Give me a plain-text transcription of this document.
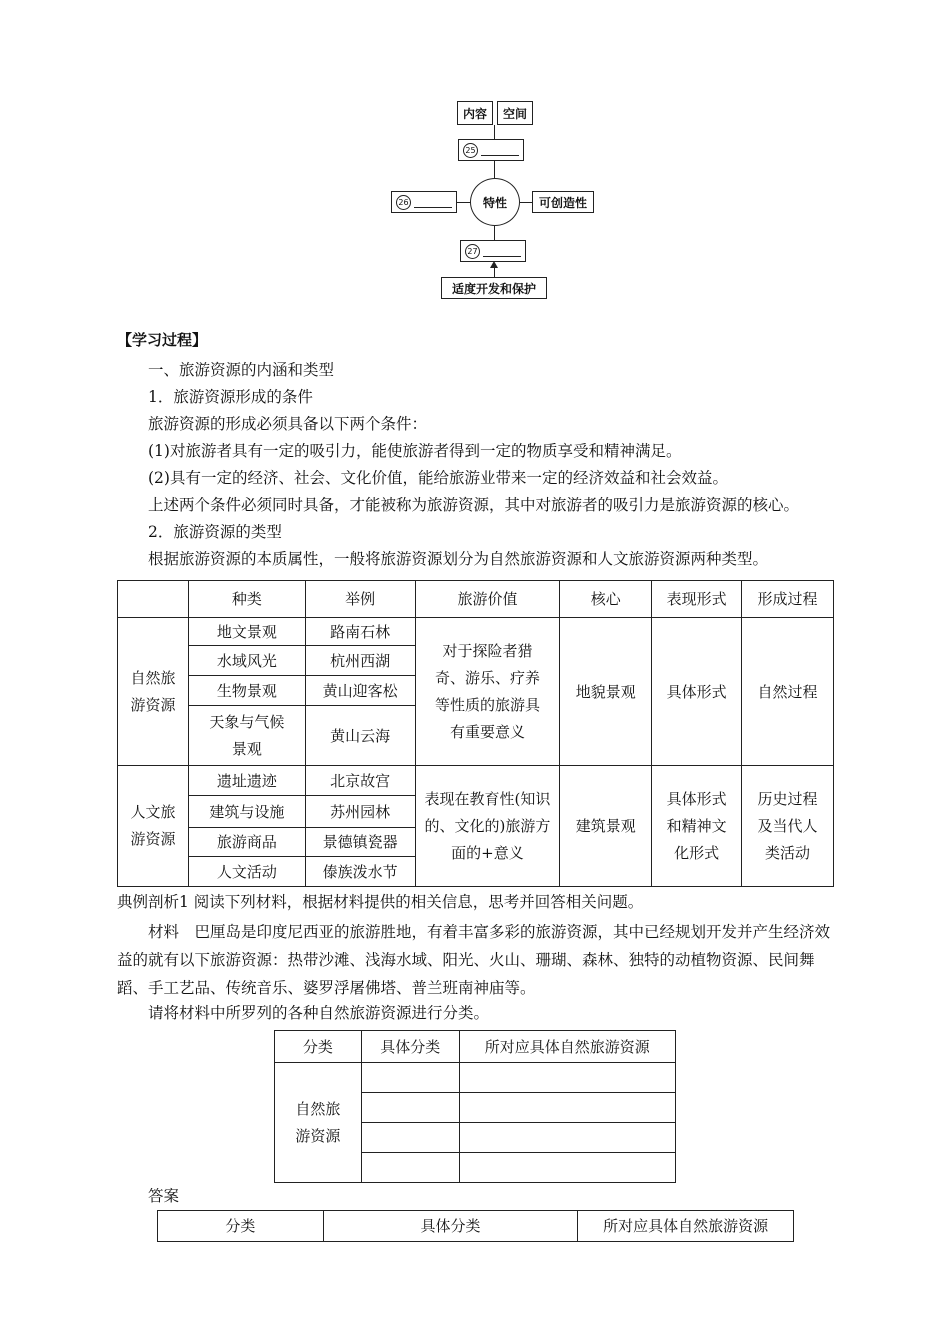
内容 空间
25
26	特性	可创造性
27
适度开发和保护
【学习过程】
一、旅游资源的内涵和类型
1．旅游资源形成的条件
旅游资源的形成必须具备以下两个条件：
(1)对旅游者具有一定的吸引力，能使旅游者得到一定的物质享受和精神满足。
(2)具有一定的经济、社会、文化价值，能给旅游业带来一定的经济效益和社会效益。
上述两个条件必须同时具备，才能被称为旅游资源，其中对旅游者的吸引力是旅游资源的核心。
2．旅游资源的类型
根据旅游资源的本质属性，一般将旅游资源划分为自然旅游资源和人文旅游资源两种类型。
	种类	举例	旅游价值	核心	表现形式	形成过程
自然旅游资源	地文景观	路南石林	对于探险者猎奇、游乐、疗养等性质的旅游具有重要意义	地貌景观	具体形式	自然过程
	水域风光	杭州西湖				
	生物景观	黄山迎客松				
	天象与气候景观	黄山云海				
人文旅游资源	遗址遗迹	北京故宫	表现在教育性(知识的、文化的)旅游方面的+意义	建筑景观	具体形式和精神文化形式	历史过程及当代人类活动
	建筑与设施	苏州园林				
	旅游商品	景德镇瓷器				
	人文活动	傣族泼水节				
典例剖析1 阅读下列材料，根据材料提供的相关信息，思考并回答相关问题。
材料　巴厘岛是印度尼西亚的旅游胜地，有着丰富多彩的旅游资源，其中已经规划开发并产生经济效益的就有以下旅游资源：热带沙滩、浅海水域、阳光、火山、珊瑚、森林、独特的动植物资源、民间舞蹈、手工艺品、传统音乐、婆罗浮屠佛塔、普兰班南神庙等。
请将材料中所罗列的各种自然旅游资源进行分类。
分类	具体分类	所对应具体自然旅游资源
自然旅游资源		

答案
分类	具体分类	所对应具体自然旅游资源
